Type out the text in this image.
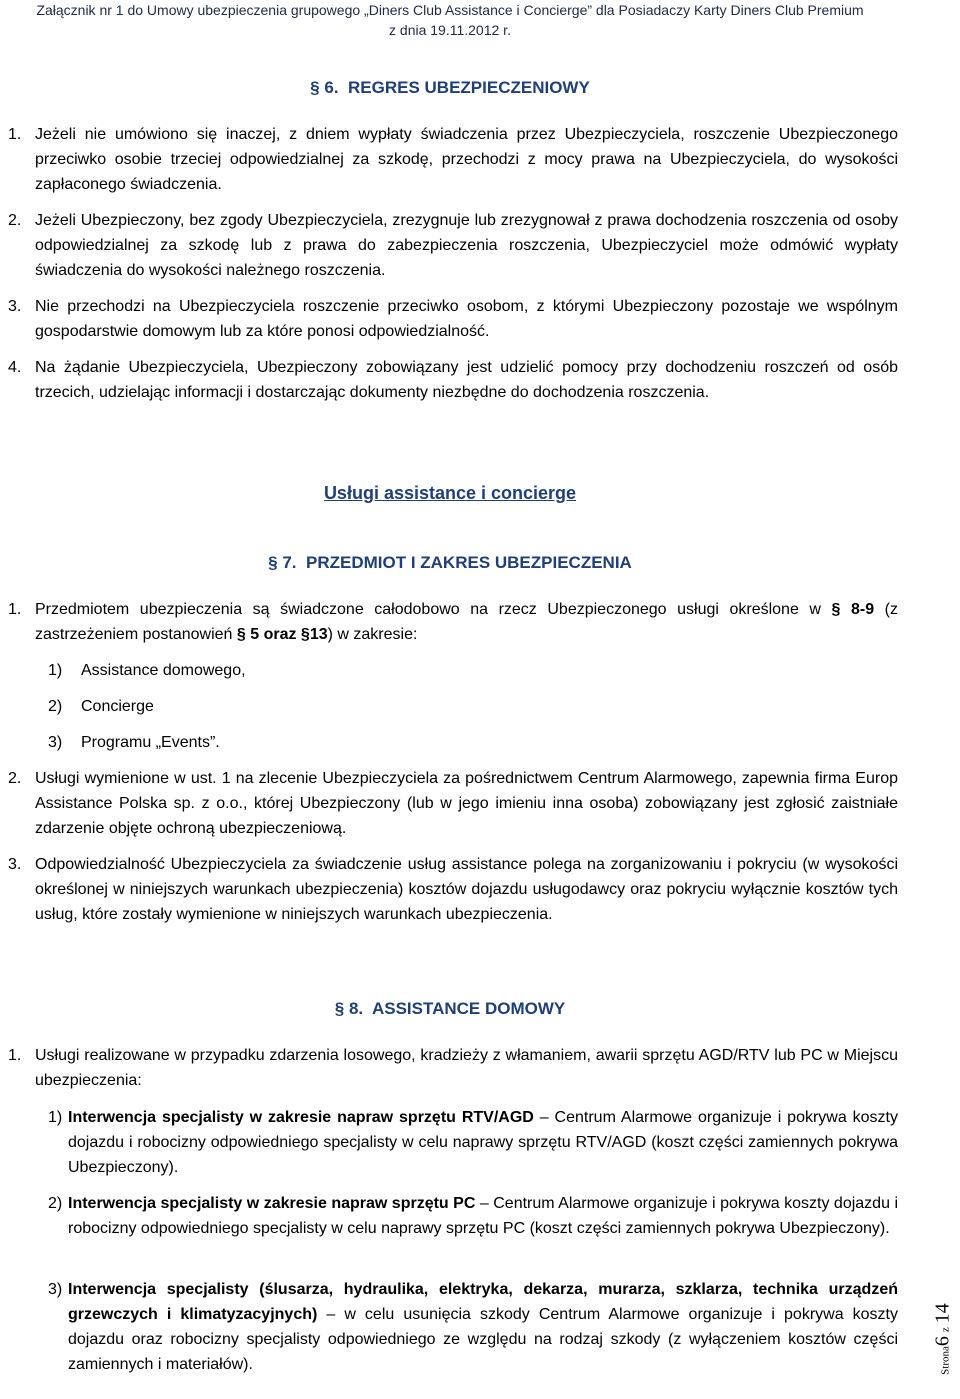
Załącznik nr 1 do Umowy ubezpieczenia grupowego „Diners Club Assistance i Concierge” dla Posiadaczy Karty Diners Club Premium
z dnia 19.11.2012 r.
§ 6. REGRES UBEZPIECZENIOWY
1. Jeżeli nie umówiono się inaczej, z dniem wypłaty świadczenia przez Ubezpieczyciela, roszczenie Ubezpieczonego przeciwko osobie trzeciej odpowiedzialnej za szkodę, przechodzi z mocy prawa na Ubezpieczyciela, do wysokości zapłaconego świadczenia.
2. Jeżeli Ubezpieczony, bez zgody Ubezpieczyciela, zrezygnuje lub zrezygnował z prawa dochodzenia roszczenia od osoby odpowiedzialnej za szkodę lub z prawa do zabezpieczenia roszczenia, Ubezpieczyciel może odmówić wypłaty świadczenia do wysokości należnego roszczenia.
3. Nie przechodzi na Ubezpieczyciela roszczenie przeciwko osobom, z którymi Ubezpieczony pozostaje we wspólnym gospodarstwie domowym lub za które ponosi odpowiedzialność.
4. Na żądanie Ubezpieczyciela, Ubezpieczony zobowiązany jest udzielić pomocy przy dochodzeniu roszczeń od osób trzecich, udzielając informacji i dostarczając dokumenty niezbędne do dochodzenia roszczenia.
Usługi assistance i concierge
§ 7. PRZEDMIOT I ZAKRES UBEZPIECZENIA
1. Przedmiotem ubezpieczenia są świadczone całodobowo na rzecz Ubezpieczonego usługi określone w § 8-9 (z zastrzeżeniem postanowień § 5 oraz §13) w zakresie:
1) Assistance domowego,
2) Concierge
3) Programu „Events”.
2. Usługi wymienione w ust. 1 na zlecenie Ubezpieczyciela za pośrednictwem Centrum Alarmowego, zapewnia firma Europ Assistance Polska sp. z o.o., której Ubezpieczony (lub w jego imieniu inna osoba) zobowiązany jest zgłosić zaistniałe zdarzenie objęte ochroną ubezpieczeniową.
3. Odpowiedzialność Ubezpieczyciela za świadczenie usług assistance polega na zorganizowaniu i pokryciu (w wysokości określonej w niniejszych warunkach ubezpieczenia) kosztów dojazdu usługodawcy oraz pokryciu wyłącznie kosztów tych usług, które zostały wymienione w niniejszych warunkach ubezpieczenia.
§ 8. ASSISTANCE DOMOWY
1. Usługi realizowane w przypadku zdarzenia losowego, kradzieży z włamaniem, awarii sprzętu AGD/RTV lub PC w Miejscu ubezpieczenia:
1) Interwencja specjalisty w zakresie napraw sprzętu RTV/AGD – Centrum Alarmowe organizuje i pokrywa koszty dojazdu i robocizny odpowiedniego specjalisty w celu naprawy sprzętu RTV/AGD (koszt części zamiennych pokrywa Ubezpieczony).
2) Interwencja specjalisty w zakresie napraw sprzętu PC – Centrum Alarmowe organizuje i pokrywa koszty dojazdu i robocizny odpowiedniego specjalisty w celu naprawy sprzętu PC (koszt części zamiennych pokrywa Ubezpieczony).
3) Interwencja specjalisty (ślusarza, hydraulika, elektryka, dekarza, murarza, szklarza, technika urządzeń grzewczych i klimatyzacyjnych) – w celu usunięcia szkody Centrum Alarmowe organizuje i pokrywa koszty dojazdu oraz robocizny specjalisty odpowiedniego ze względu na rodzaj szkody (z wyłączeniem kosztów części zamiennych i materiałów).	Strona6 z 14
